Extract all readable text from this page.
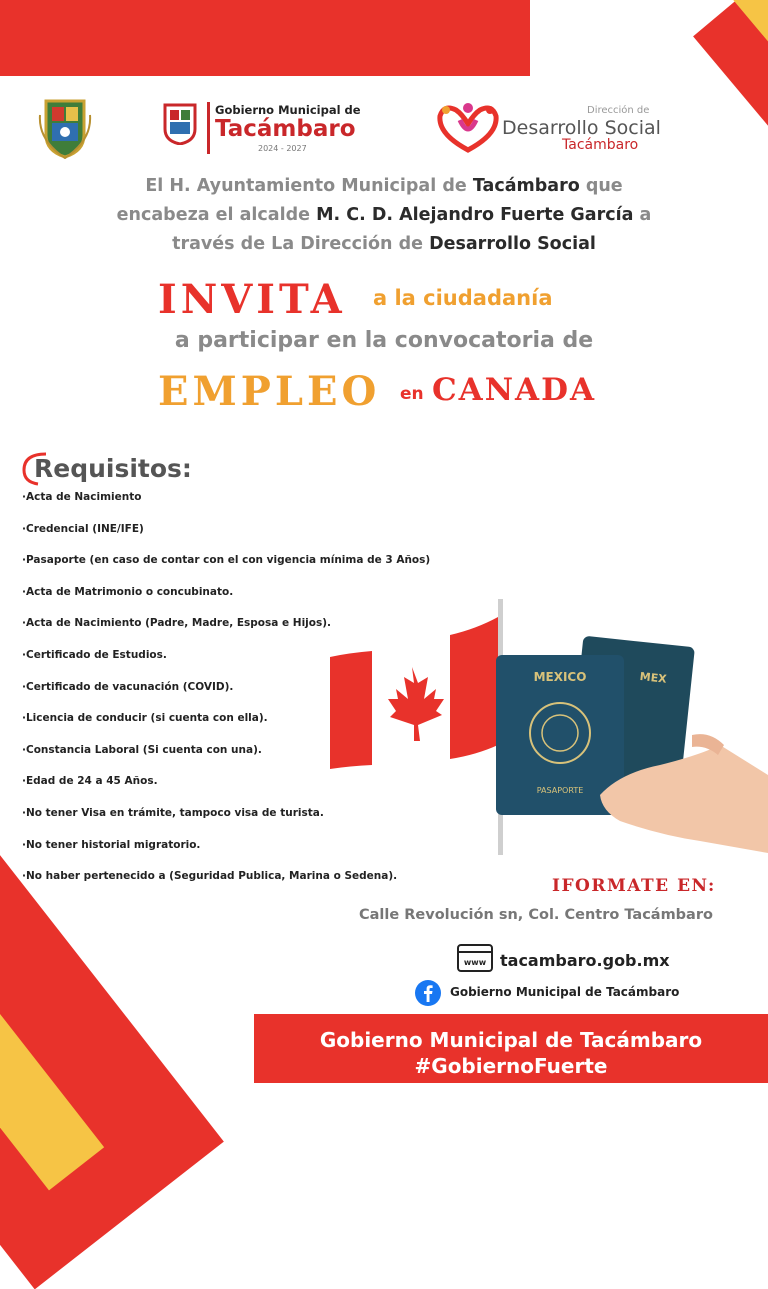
Gobierno Municipal de
Tacámbaro
2024 - 2027
Dirección de
Desarrollo Social
Tacámbaro
El H. Ayuntamiento Municipal de Tacámbaro que
encabeza el alcalde M. C. D. Alejandro Fuerte García a
través de La Dirección de Desarrollo Social
INVITA a la ciudadanía
a participar en la convocatoria de
EMPLEO en CANADA
Requisitos:
·Acta de Nacimiento
·Credencial (INE/IFE)
·Pasaporte (en caso de contar con el con vigencia mínima de 3 Años)
·Acta de Matrimonio o concubinato.
·Acta de Nacimiento (Padre, Madre, Esposa e Hijos).
·Certificado de Estudios.
·Certificado de vacunación (COVID).
·Licencia de conducir (si cuenta con ella).
·Constancia Laboral (Si cuenta con una).
·Edad de 24 a 45 Años.
·No tener Visa en trámite, tampoco visa de turista.
·No tener historial migratorio.
·No haber pertenecido a (Seguridad Publica, Marina o Sedena).
MEXICO	MEX
PASAPORTE
IFORMATE EN:
Calle Revolución sn, Col. Centro Tacámbaro
www tacambaro.gob.mx
Gobierno Municipal de Tacámbaro
Gobierno Municipal de Tacámbaro
#GobiernoFuerte
